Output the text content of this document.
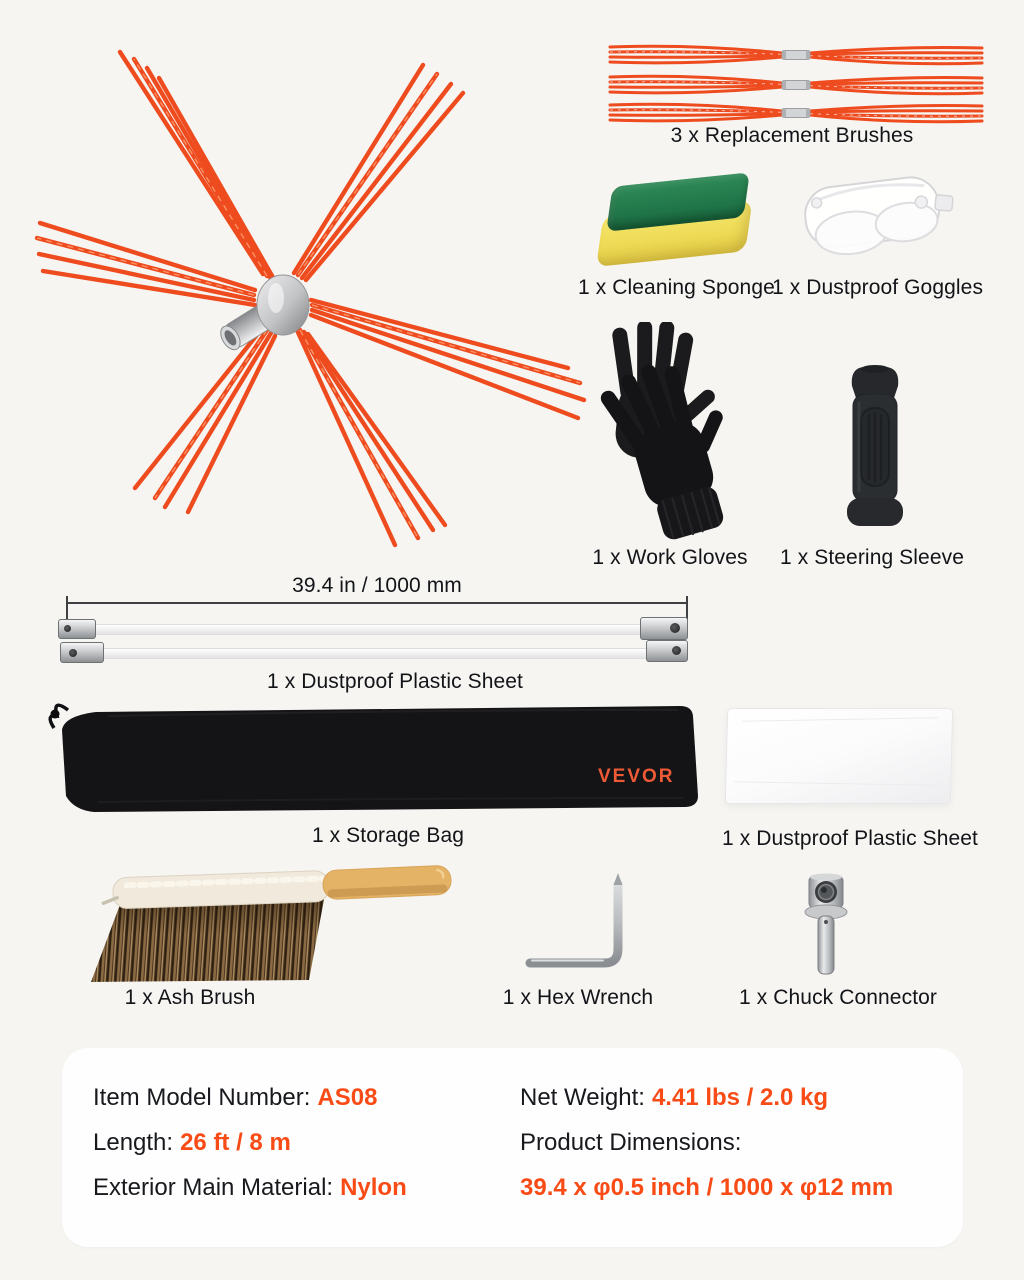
3 x Replacement Brushes
1 x Cleaning Sponge
1 x Dustproof Goggles
1 x Work Gloves	1 x Steering Sleeve
39.4 in / 1000 mm
1 x Dustproof Plastic Sheet
VEVOR
1 x Storage Bag	1 x Dustproof Plastic Sheet
1 x Ash Brush	1 x Hex Wrench	1 x Chuck Connector
Item Model Number: AS08
Length: 26 ft / 8 m
Exterior Main Material: Nylon
Net Weight: 4.41 lbs / 2.0 kg
Product Dimensions:
39.4 x φ0.5 inch / 1000 x φ12 mm
